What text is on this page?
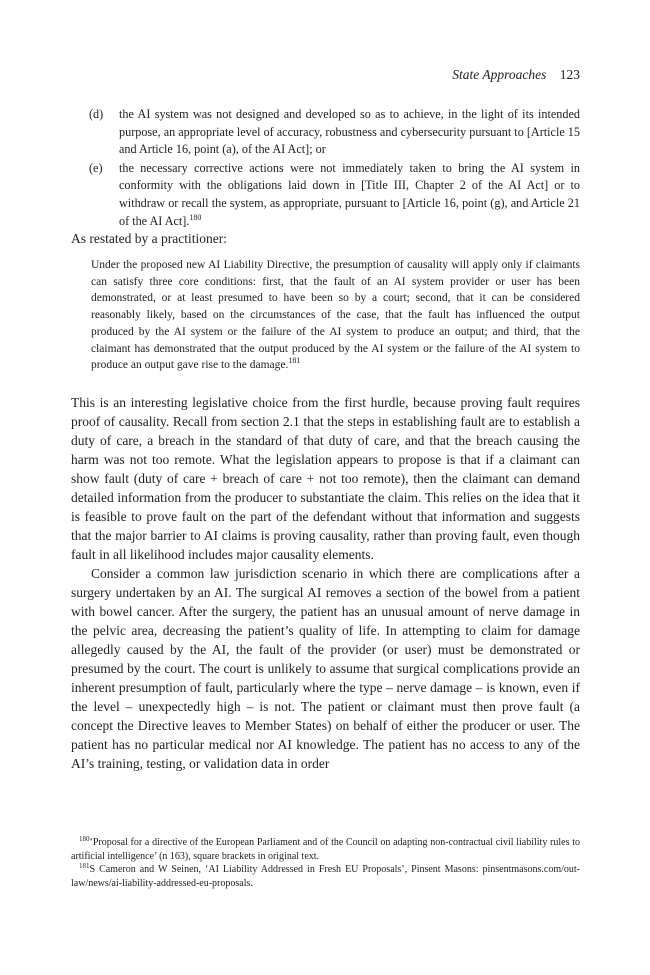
State Approaches 123
(d) the AI system was not designed and developed so as to achieve, in the light of its intended purpose, an appropriate level of accuracy, robustness and cybersecurity pursuant to [Article 15 and Article 16, point (a), of the AI Act]; or
(e) the necessary corrective actions were not immediately taken to bring the AI system in conformity with the obligations laid down in [Title III, Chapter 2 of the AI Act] or to withdraw or recall the system, as appropriate, pursuant to [Article 16, point (g), and Article 21 of the AI Act].$^{180}$
As restated by a practitioner:

Under the proposed new AI Liability Directive, the presumption of causality will apply only if claimants can satisfy three core conditions: first, that the fault of an AI system provider or user has been demonstrated, or at least presumed to have been so by a court; second, that it can be considered reasonably likely, based on the circumstances of the case, that the fault has influenced the output produced by the AI system or the failure of the AI system to produce an output; and third, that the claimant has demonstrated that the output produced by the AI system or the failure of the AI system to produce an output gave rise to the damage.$^{181}$

This is an interesting legislative choice from the first hurdle, because proving fault requires proof of causality. Recall from section 2.1 that the steps in establishing fault are to establish a duty of care, a breach in the standard of that duty of care, and that the breach causing the harm was not too remote. What the legislation appears to propose is that if a claimant can show fault (duty of care + breach of care + not too remote), then the claimant can demand detailed information from the producer to substantiate the claim. This relies on the idea that it is feasible to prove fault on the part of the defendant without that information and suggests that the major barrier to AI claims is proving causality, rather than proving fault, even though fault in all likelihood includes major causality elements.

Consider a common law jurisdiction scenario in which there are complications after a surgery undertaken by an AI. The surgical AI removes a section of the bowel from a patient with bowel cancer. After the surgery, the patient has an unusual amount of nerve damage in the pelvic area, decreasing the patient’s quality of life. In attempting to claim for damage allegedly caused by the AI, the fault of the provider (or user) must be demonstrated or presumed by the court. The court is unlikely to assume that surgical complications provide an inherent presumption of fault, particularly where the type – nerve damage – is known, even if the level – unexpectedly high – is not. The patient or claimant must then prove fault (a concept the Directive leaves to Member States) on behalf of either the producer or user. The patient has no particular medical nor AI knowledge. The patient has no access to any of the AI’s training, testing, or validation data in order

$^{180}$‘Proposal for a directive of the European Parliament and of the Council on adapting non-contractual civil liability rules to artificial intelligence’ (n 163), square brackets in original text.

$^{181}$S Cameron and W Seinen, ‘AI Liability Addressed in Fresh EU Proposals’, Pinsent Masons: pinsentmasons.com/out-law/news/ai-liability-addressed-eu-proposals.
